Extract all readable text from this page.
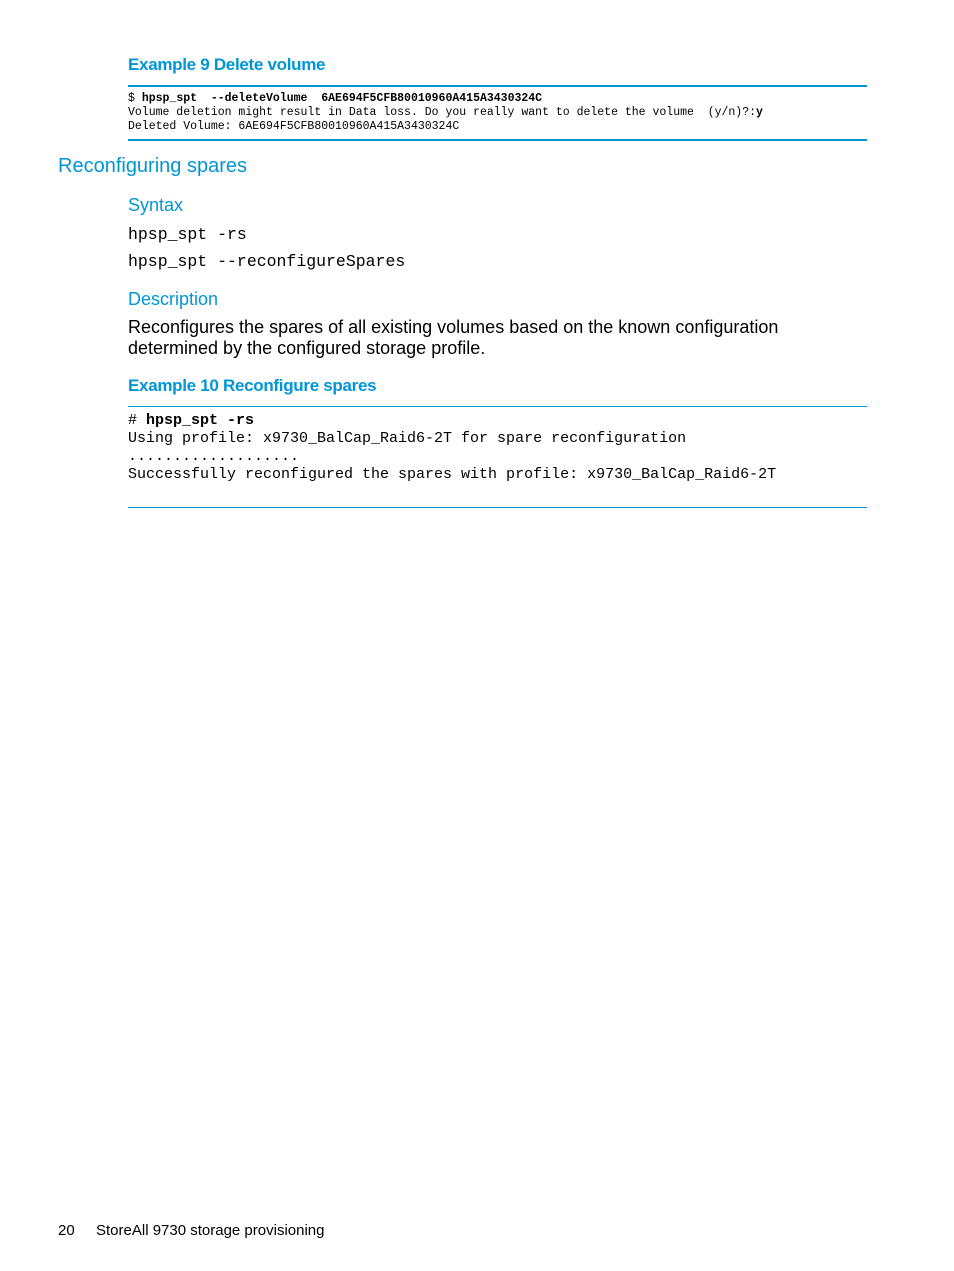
Example 9 Delete volume
$ hpsp_spt  --deleteVolume  6AE694F5CFB80010960A415A3430324C
Volume deletion might result in Data loss. Do you really want to delete the volume  (y/n)?:y
Deleted Volume: 6AE694F5CFB80010960A415A3430324C
Reconfiguring spares
Syntax
hpsp_spt -rs
hpsp_spt --reconfigureSpares
Description
Reconfigures the spares of all existing volumes based on the known configuration determined by the configured storage profile.
Example 10 Reconfigure spares
# hpsp_spt -rs
Using profile: x9730_BalCap_Raid6-2T for spare reconfiguration
...................
Successfully reconfigured the spares with profile: x9730_BalCap_Raid6-2T
20 StoreAll 9730 storage provisioning
